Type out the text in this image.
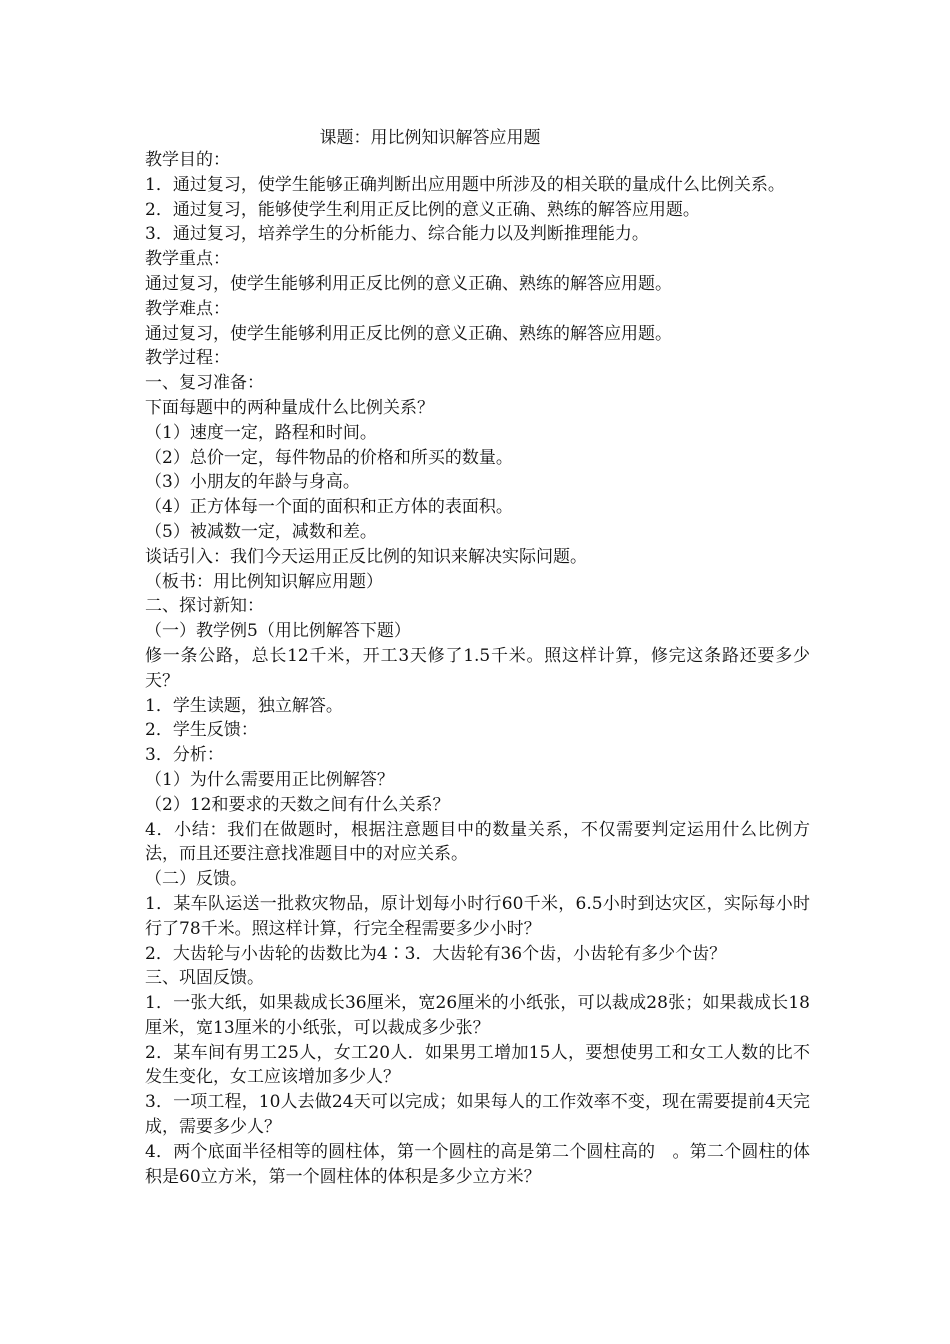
课题：用比例知识解答应用题

教学目的：

1．通过复习，使学生能够正确判断出应用题中所涉及的相关联的量成什么比例关系。

2．通过复习，能够使学生利用正反比例的意义正确、熟练的解答应用题。

3．通过复习，培养学生的分析能力、综合能力以及判断推理能力。

教学重点：

通过复习，使学生能够利用正反比例的意义正确、熟练的解答应用题。

教学难点：

通过复习，使学生能够利用正反比例的意义正确、熟练的解答应用题。

教学过程：

一、复习准备：

下面每题中的两种量成什么比例关系？

（1）速度一定，路程和时间。

（2）总价一定，每件物品的价格和所买的数量。

（3）小朋友的年龄与身高。

（4）正方体每一个面的面积和正方体的表面积。

（5）被减数一定，减数和差。

谈话引入：我们今天运用正反比例的知识来解决实际问题。

（板书：用比例知识解应用题）

二、探讨新知：

（一）教学例5（用比例解答下题）

修一条公路，总长12千米，开工3天修了1.5千米。照这样计算，修完这条路还要多少天？

1．学生读题，独立解答。

2．学生反馈：

3．分析：

（1）为什么需要用正比例解答？

（2）12和要求的天数之间有什么关系？

4．小结：我们在做题时，根据注意题目中的数量关系，不仅需要判定运用什么比例方法，而且还要注意找准题目中的对应关系。

（二）反馈。

1．某车队运送一批救灾物品，原计划每小时行60千米，6.5小时到达灾区，实际每小时行了78千米。照这样计算，行完全程需要多少小时？

2．大齿轮与小齿轮的齿数比为4∶3．大齿轮有36个齿，小齿轮有多少个齿？

三、巩固反馈。

1．一张大纸，如果裁成长36厘米，宽26厘米的小纸张，可以裁成28张；如果裁成长18厘米，宽13厘米的小纸张，可以裁成多少张？

2．某车间有男工25人，女工20人．如果男工增加15人，要想使男工和女工人数的比不发生变化，女工应该增加多少人？

3．一项工程，10人去做24天可以完成；如果每人的工作效率不变，现在需要提前4天完成，需要多少人？

4．两个底面半径相等的圆柱体，第一个圆柱的高是第二个圆柱高的　。第二个圆柱的体积是60立方米，第一个圆柱体的体积是多少立方米？
